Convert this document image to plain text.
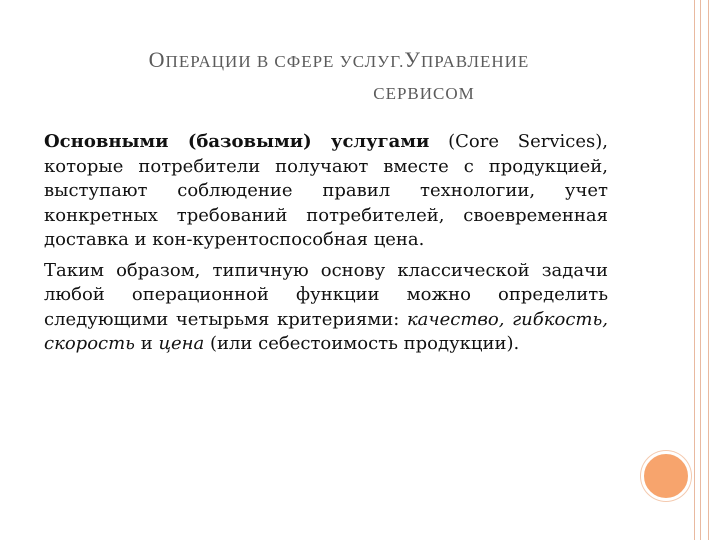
ОПЕРАЦИИ В СФЕРЕ УСЛУГ.УПРАВЛЕНИЕ
СЕРВИСОМ

Основными (базовыми) услугами (Core Services), которые потребители получают вместе с продукцией, выступают соблюдение правил технологии, учет конкретных требований потребителей, своевременная доставка и кон-курентоспособная цена.

Таким образом, типичную основу классической задачи любой операционной функции можно определить следующими четырьмя критериями: качество, гибкость, скорость и цена (или себестоимость продукции).
